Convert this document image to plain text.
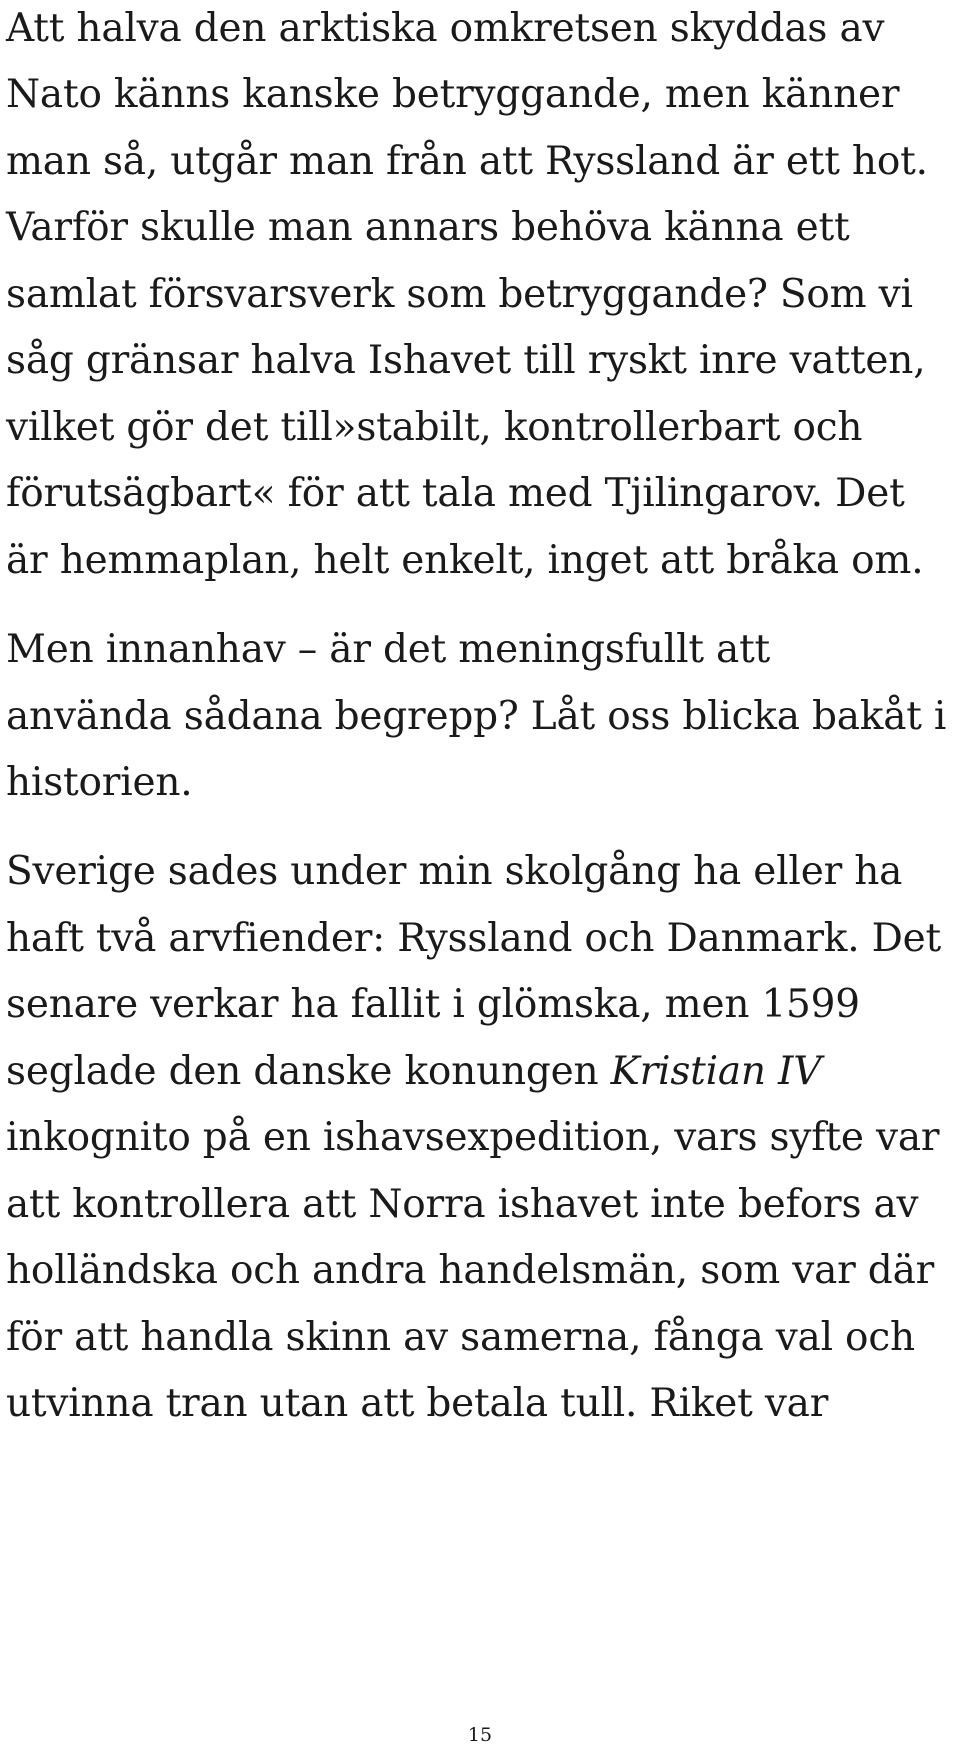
Att halva den arktiska omkretsen skyddas av
Nato känns kanske betryggande, men känner
man så, utgår man från att Ryssland är ett hot.
Varför skulle man annars behöva känna ett
samlat försvarsverk som betryggande? Som vi
såg gränsar halva Ishavet till ryskt inre vatten,
vilket gör det till»stabilt, kontrollerbart och
förutsägbart« för att tala med Tjilingarov. Det
är hemmaplan, helt enkelt, inget att bråka om.
Men innanhav – är det meningsfullt att
använda sådana begrepp? Låt oss blicka bakåt i
historien.
Sverige sades under min skolgång ha eller ha
haft två arvfiender: Ryssland och Danmark. Det
senare verkar ha fallit i glömska, men 1599
seglade den danske konungen Kristian IV
inkognito på en ishavsexpedition, vars syfte var
att kontrollera att Norra ishavet inte befors av
holländska och andra handelsmän, som var där
för att handla skinn av samerna, fånga val och
utvinna tran utan att betala tull. Riket var
15
